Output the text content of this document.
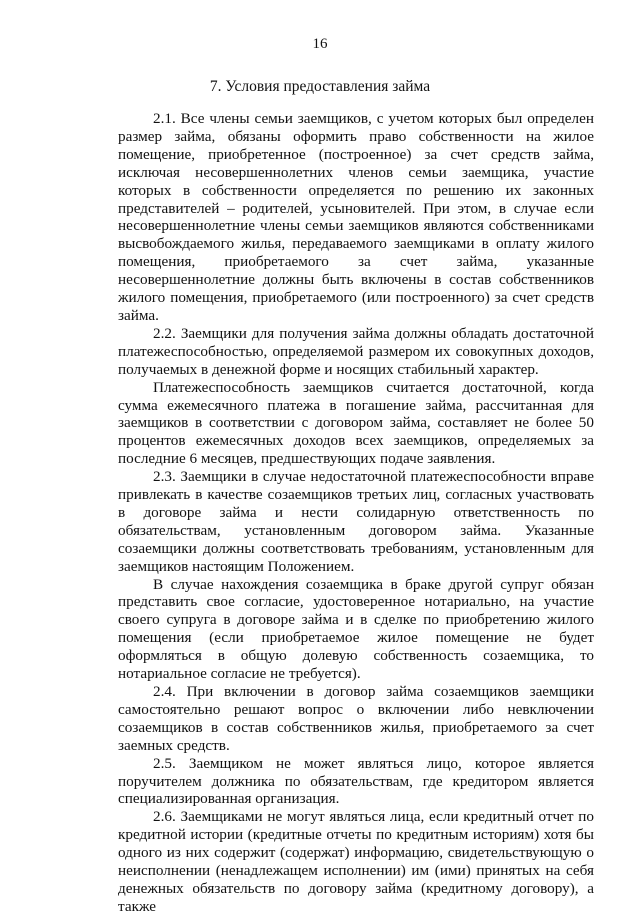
16
7. Условия предоставления займа

2.1. Все члены семьи заемщиков, с учетом которых был определен размер займа, обязаны оформить право собственности на жилое помещение, приобретенное (построенное) за счет средств займа, исключая несовершеннолетних членов семьи заемщика, участие которых в собственности определяется по решению их законных представителей – родителей, усыновителей. При этом, в случае если несовершеннолетние члены семьи заемщиков являются собственниками высвобождаемого жилья, передаваемого заемщиками в оплату жилого помещения, приобретаемого за счет займа, указанные несовершеннолетние должны быть включены в состав собственников жилого помещения, приобретаемого (или построенного) за счет средств займа.

2.2. Заемщики для получения займа должны обладать достаточной платежеспособностью, определяемой размером их совокупных доходов, получаемых в денежной форме и носящих стабильный характер.

Платежеспособность заемщиков считается достаточной, когда сумма ежемесячного платежа в погашение займа, рассчитанная для заемщиков в соответствии с договором займа, составляет не более 50 процентов ежемесячных доходов всех заемщиков, определяемых за последние 6 месяцев, предшествующих подаче заявления.

2.3. Заемщики в случае недостаточной платежеспособности вправе привлекать в качестве созаемщиков третьих лиц, согласных участвовать в договоре займа и нести солидарную ответственность по обязательствам, установленным договором займа. Указанные созаемщики должны соответствовать требованиям, установленным для заемщиков настоящим Положением.

В случае нахождения созаемщика в браке другой супруг обязан представить свое согласие, удостоверенное нотариально, на участие своего супруга в договоре займа и в сделке по приобретению жилого помещения (если приобретаемое жилое помещение не будет оформляться в общую долевую собственность созаемщика, то нотариальное согласие не требуется).

2.4. При включении в договор займа созаемщиков заемщики самостоятельно решают вопрос о включении либо невключении созаемщиков в состав собственников жилья, приобретаемого за счет заемных средств.

2.5. Заемщиком не может являться лицо, которое является поручителем должника по обязательствам, где кредитором является специализированная организация.

2.6. Заемщиками не могут являться лица, если кредитный отчет по кредитной истории (кредитные отчеты по кредитным историям) хотя бы одного из них содержит (содержат) информацию, свидетельствующую о неисполнении (ненадлежащем исполнении) им (ими) принятых на себя денежных обязательств по договору займа (кредитному договору), а также
